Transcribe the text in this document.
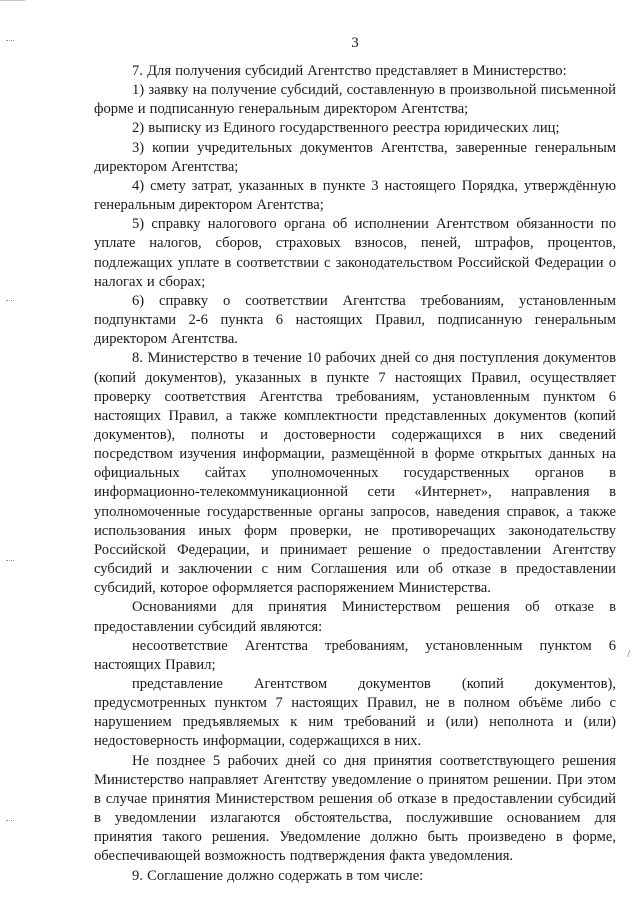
3

7. Для получения субсидий Агентство представляет в Министерство:

1) заявку на получение субсидий, составленную в произвольной письменной форме и подписанную генеральным директором Агентства;

2) выписку из Единого государственного реестра юридических лиц;

3) копии учредительных документов Агентства, заверенные генеральным директором Агентства;

4) смету затрат, указанных в пункте 3 настоящего Порядка, утверждённую генеральным директором Агентства;

5) справку налогового органа об исполнении Агентством обязанности по уплате налогов, сборов, страховых взносов, пеней, штрафов, процентов, подлежащих уплате в соответствии с законодательством Российской Федерации о налогах и сборах;

6) справку о соответствии Агентства требованиям, установленным подпунктами 2-6 пункта 6 настоящих Правил, подписанную генеральным директором Агентства.

8. Министерство в течение 10 рабочих дней со дня поступления документов (копий документов), указанных в пункте 7 настоящих Правил, осуществляет проверку соответствия Агентства требованиям, установленным пунктом 6 настоящих Правил, а также комплектности представленных документов (копий документов), полноты и достоверности содержащихся в них сведений посредством изучения информации, размещённой в форме открытых данных на официальных сайтах уполномоченных государственных органов в информационно-телекоммуникационной сети «Интернет», направления в уполномоченные государственные органы запросов, наведения справок, а также использования иных форм проверки, не противоречащих законодательству Российской Федерации, и принимает решение о предоставлении Агентству субсидий и заключении с ним Соглашения или об отказе в предоставлении субсидий, которое оформляется распоряжением Министерства.

Основаниями для принятия Министерством решения об отказе в предоставлении субсидий являются:

несоответствие Агентства требованиям, установленным пунктом 6 настоящих Правил;

представление Агентством документов (копий документов), предусмотренных пунктом 7 настоящих Правил, не в полном объёме либо с нарушением предъявляемых к ним требований и (или) неполнота и (или) недостоверность информации, содержащихся в них.

Не позднее 5 рабочих дней со дня принятия соответствующего решения Министерство направляет Агентству уведомление о принятом решении. При этом в случае принятия Министерством решения об отказе в предоставлении субсидий в уведомлении излагаются обстоятельства, послужившие основанием для принятия такого решения. Уведомление должно быть произведено в форме, обеспечивающей возможность подтверждения факта уведомления.

9. Соглашение должно содержать в том числе:

/
